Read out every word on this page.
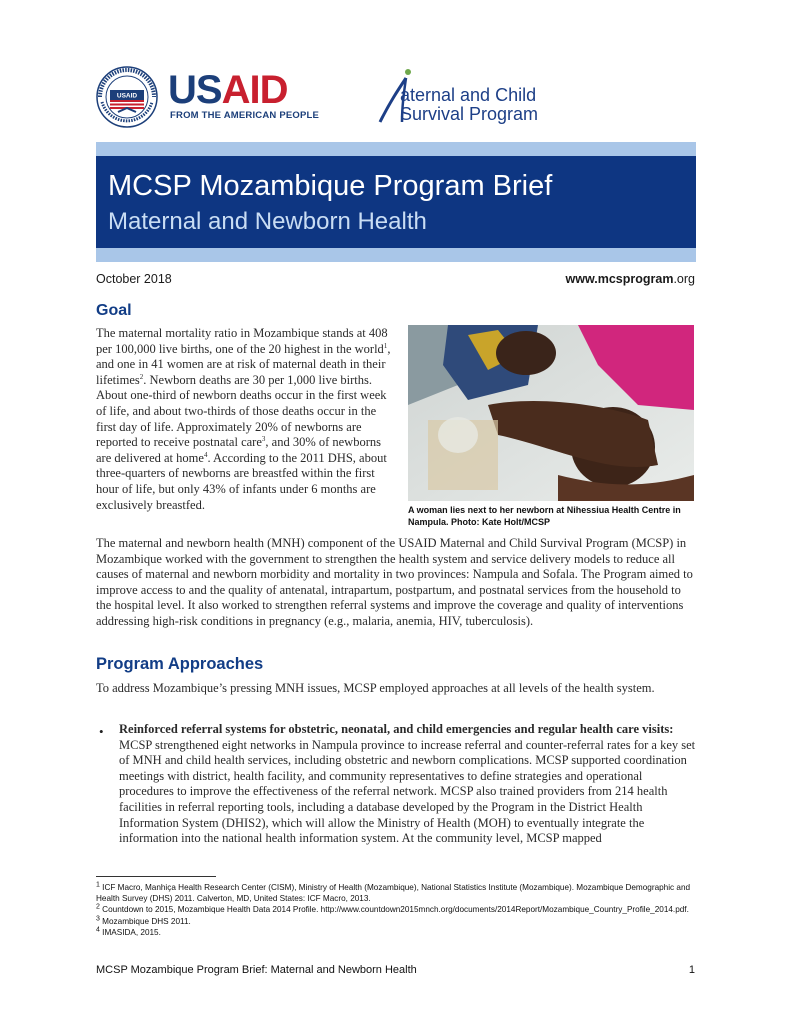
USAID USAID
FROM THE AMERICAN PEOPLE
aternal and Child
Survival Program
MCSP Mozambique Program Brief
Maternal and Newborn Health
October 2018	www.mcsprogram.org
Goal
The maternal mortality ratio in Mozambique stands at 408 per 100,000 live births, one of the 20 highest in the world$^1$, and one in 41 women are at risk of maternal death in their lifetimes$^2$. Newborn deaths are 30 per 1,000 live births. About one-third of newborn deaths occur in the first week of life, and about two-thirds of those deaths occur in the first day of life. Approximately 20% of newborns are reported to receive postnatal care$^3$, and 30% of newborns are delivered at home$^4$. According to the 2011 DHS, about three-quarters of newborns are breastfed within the first hour of life, but only 43% of infants under 6 months are exclusively breastfed.	A woman lies next to her newborn at Nihessiua Health Centre in Nampula. Photo: Kate Holt/MCSP
The maternal and newborn health (MNH) component of the USAID Maternal and Child Survival Program (MCSP) in Mozambique worked with the government to strengthen the health system and service delivery models to reduce all causes of maternal and newborn morbidity and mortality in two provinces: Nampula and Sofala. The Program aimed to improve access to and the quality of antenatal, intrapartum, postpartum, and postnatal services from the household to the hospital level. It also worked to strengthen referral systems and improve the coverage and quality of interventions addressing high-risk conditions in pregnancy (e.g., malaria, anemia, HIV, tuberculosis).
Program Approaches
To address Mozambique’s pressing MNH issues, MCSP employed approaches at all levels of the health system.
• Reinforced referral systems for obstetric, neonatal, and child emergencies and regular health care visits: MCSP strengthened eight networks in Nampula province to increase referral and counter-referral rates for a key set of MNH and child health services, including obstetric and newborn complications. MCSP supported coordination meetings with district, health facility, and community representatives to define strategies and operational procedures to improve the effectiveness of the referral network. MCSP also trained providers from 214 health facilities in referral reporting tools, including a database developed by the Program in the District Health Information System (DHIS2), which will allow the Ministry of Health (MOH) to eventually integrate the information into the national health information system. At the community level, MCSP mapped
$^1$ ICF Macro, Manhiça Health Research Center (CISM), Ministry of Health (Mozambique), National Statistics Institute (Mozambique). Mozambique Demographic and Health Survey (DHS) 2011. Calverton, MD, United States: ICF Macro, 2013.
$^2$ Countdown to 2015, Mozambique Health Data 2014 Profile. http://www.countdown2015mnch.org/documents/2014Report/Mozambique_Country_Profile_2014.pdf.
$^3$ Mozambique DHS 2011.
$^4$ IMASIDA, 2015.
MCSP Mozambique Program Brief: Maternal and Newborn Health	1
